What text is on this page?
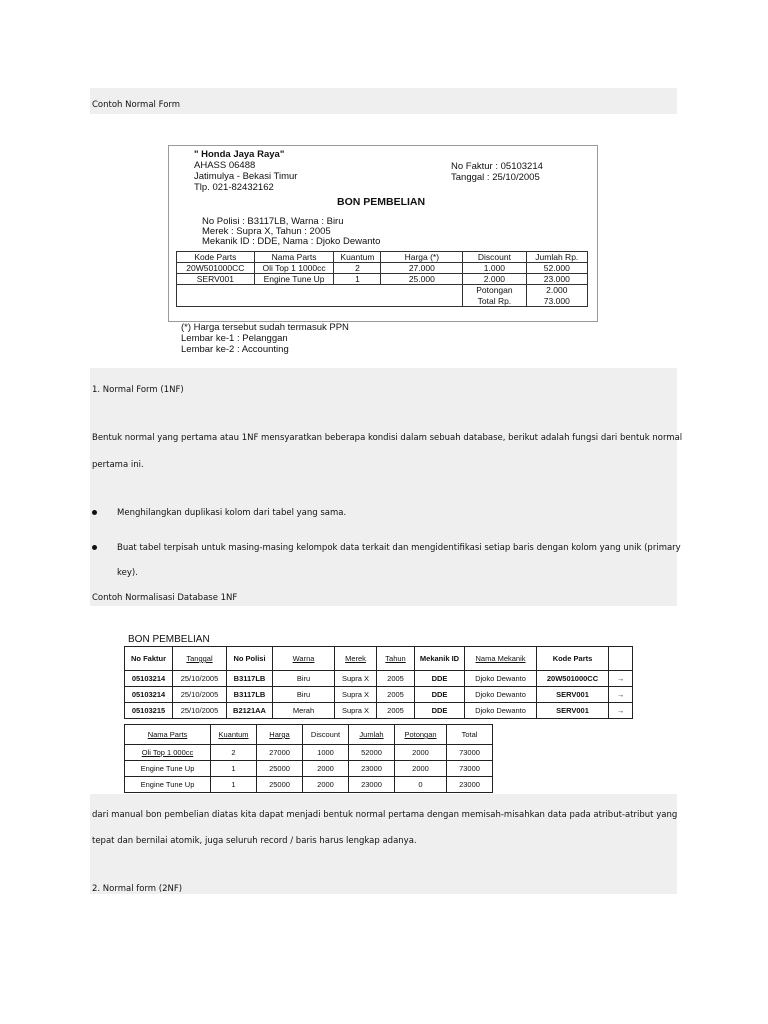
Contoh Normal Form
" Honda Jaya Raya"
AHASS 06488
Jatimulya - Bekasi Timur
Tlp. 021-82432162
No Faktur : 05103214
Tanggal : 25/10/2005
BON PEMBELIAN
No Polisi : B3117LB, Warna : Biru
Merek : Supra X, Tahun : 2005
Mekanik ID : DDE, Nama : Djoko Dewanto
Kode Parts	Nama Parts	Kuantum	Harga (*)	Discount	Jumlah Rp.
20W501000CC	Oli Top 1 1000cc	2	27.000	1.000	52.000
SERV001	Engine Tune Up	1	25.000	2.000	23.000
				Potongan	2.000
				Total Rp.	73.000
(*) Harga tersebut sudah termasuk PPN
Lembar ke-1 : Pelanggan
Lembar ke-2 : Accounting
1. Normal Form (1NF)
Bentuk normal yang pertama atau 1NF mensyaratkan beberapa kondisi dalam sebuah database, berikut adalah fungsi dari bentuk normal
pertama ini.
Menghilangkan duplikasi kolom dari tabel yang sama.
Buat tabel terpisah untuk masing-masing kelompok data terkait dan mengidentifikasi setiap baris dengan kolom yang unik (primary
key).
Contoh Normalisasi Database 1NF
BON PEMBELIAN
No Faktur	Tanggal	No Polisi	Warna	Merek	Tahun	Mekanik ID	Nama Mekanik	Kode Parts	
05103214	25/10/2005	B3117LB	Biru	Supra X	2005	DDE	Djoko Dewanto	20W501000CC	→
05103214	25/10/2005	B3117LB	Biru	Supra X	2005	DDE	Djoko Dewanto	SERV001	→
05103215	25/10/2005	B2121AA	Merah	Supra X	2005	DDE	Djoko Dewanto	SERV001	→
Nama Parts	Kuantum	Harga	Discount	Jumlah	Potongan	Total
Oli Top 1 000cc	2	27000	1000	52000	2000	73000
Engine Tune Up	1	25000	2000	23000	2000	73000
Engine Tune Up	1	25000	2000	23000	0	23000
dari manual bon pembelian diatas kita dapat menjadi bentuk normal pertama dengan memisah-misahkan data pada atribut-atribut yang
tepat dan bernilai atomik, juga seluruh record / baris harus lengkap adanya.
2. Normal form (2NF)
